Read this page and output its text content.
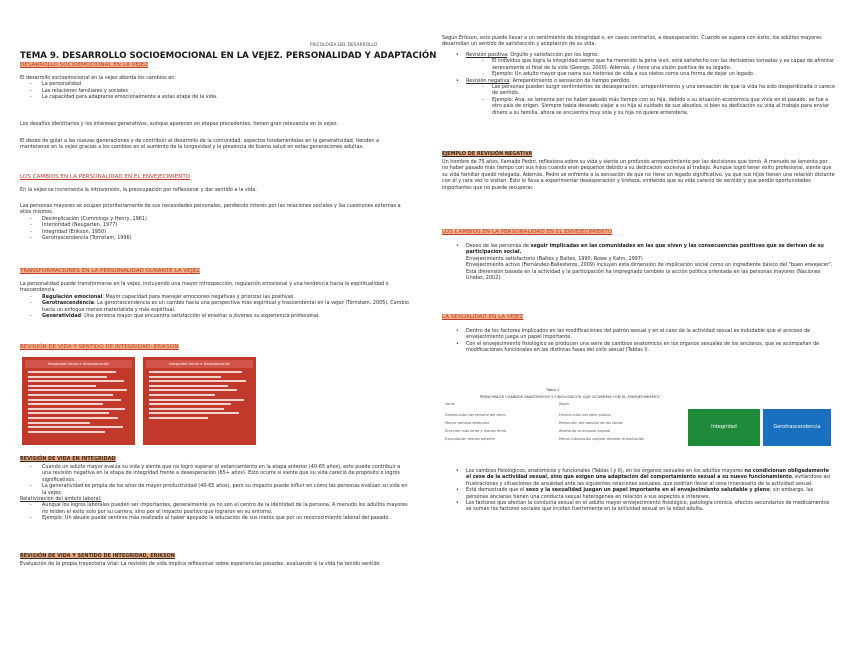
PSICOLOGÍA DEL DESARROLLO
TEMA 9. DESARROLLO SOCIOEMOCIONAL EN LA VEJEZ. PERSONALIDAD Y ADAPTACIÓN
DESARROLLO SOCIOEMOCIONAL EN LA VEJEZ
El desarrollo socioemocional en la vejez aborda los cambios en:
- La personalidad
- Las relaciones familiares y sociales
- La capacidad para adaptarse emocionalmente a estas etapa de la vida.
Los desafíos identitarios y los intereses generativos, aunque aparecen en etapas precedentes, tienen gran relevancia en la vejez.
El deseo de guiar a las nuevas generaciones y de contribuir al desarrollo de la comunidad, aspectos fundamentales en la generatividad, tienden a mantenerse en la vejez gracias a los cambios en el aumento de la longevidad y la presencia de buena salud en estas generaciones adultas.
LOS CAMBIOS EN LA PERSONALIDAD EN EL ENVEJECIMIENTO
En la vejez se incrementa la introversión, la preocupación por reflexionar y dar sentido a la vida.
Las personas mayores se ocupan prioritariamente de sus necesidades personales, perdiendo interés por las relaciones sociales y las cuestiones externas a ellos mismos.
- Desimplicación (Cummings y Henry, 1961)
- Interioridad (Neugarten, 1977)
- Integridad (Erikson, 1950)
- Gerotrascendencia (Tornstam, 1996)
TRANSFORMACIONES EN LA PERSONALIDAD DURANTE LA VEJEZ
La personalidad puede transformarse en la vejez, incluyendo una mayor introspección, regulación emocional y una tendencia hacia la espiritualidad o trascendencia.
- Regulación emocional: Mayor capacidad para manejar emociones negativas y priorizar las positivas.
- Gerotrascendencia: La gerotrascendencia es un cambio hacia una perspectiva más espiritual y trascendental en la vejez (Tornstam, 2005). Cambio hacia un enfoque menos materialista y más espiritual.
- Generatividad: Una persona mayor que encuentra satisfacción al enseñar a jóvenes su experiencia profesional.
REVISIÓN DE VIDA Y SENTIDO DE INTEGRIDAD: ERIKSON
Integridad frente a Desesperación	Integridad frente a Desesperación
REVISIÓN DE VIDA EN INTEGRIDAD
- Cuando un adulto mayor evalúa su vida y siente que no logró superar el estancamiento en la etapa anterior (40-65 años), esto puede contribuir a una revisión negativa en la etapa de integridad frente a desesperación (65+ años). Esto ocurre si siente que su vida careció de propósito o logros significativos.
- La generatividad es propia de los años de mayor productividad (40-65 años), pero su impacto puede influir en cómo las personas evalúan su vida en la vejez.
Relativización del ámbito laboral:
- Aunque los logros laborales pueden ser importantes, generalmente ya no son el centro de la identidad de la persona. A menudo los adultos mayores no miden el éxito solo por su carrera, sino por el impacto positivo que lograron en su entorno.
- Ejemplo: Un abuelo puede sentirse más realizado al haber apoyado la educación de sus nietos que por un reconocimiento laboral del pasado.
REVISIÓN DE VIDA Y SENTIDO DE INTEGRIDAD, ERIKSON
Evaluación de la propia trayectoria vital: La revisión de vida implica reflexionar sobre experiencias pasadas, evaluando si la vida ha tenido sentido.
Según Erikson, esto puede llevar a un sentimiento de integridad o, en casos contrarios, a desesperación. Cuando se supera con éxito, los adultos mayores desarrollan un sentido de satisfacción y aceptación de su vida.
• Revisión positiva: Orgullo y satisfacción por los logros.
- El individuo que logra la integridad siente que ha merecido la pena vivir, está satisfecho con las decisiones tomadas y es capaz de afrontar serenamente el final de la vida (George, 2000). Además, y tiene una visión positiva de su legado.
- Ejemplo: Un adulto mayor que narra sus historias de vida a sus nietos como una forma de dejar un legado.
• Revisión negativa: Arrepentimiento o sensación de tiempo perdido.
- Las personas pueden surgir sentimientos de desesperación, arrepentimiento y una sensación de que la vida ha sido desperdiciada o carece de sentido.
- Ejemplo: Ana, se lamenta por no haber pasado más tiempo con su hija, debido a su situación económica que vivía en el pasado, se fue a otro país de origen. Siempre había deseado viajar a su hija al cuidado de sus abuelos, si bien su dedicación su vida al trabajo para enviar dinero a su familia, ahora se encuentra muy sola y su hija no quiere entenderla.
EJEMPLO DE REVISIÓN NEGATIVA
Un hombre de 75 años, llamado Pedro, reflexiona sobre su vida y siente un profundo arrepentimiento por las decisiones que tomó. A menudo se lamenta por no haber pasado más tiempo con sus hijos cuando eran pequeños debido a su dedicación excesiva al trabajo. Aunque logró tener éxito profesional, siente que su vida familiar quedó relegada. Además, Pedro se enfrenta a la sensación de que no tiene un legado significativo, ya que sus hijos tienen una relación distante con él y rara vez lo visitan. Esto lo lleva a experimentar desesperación y tristeza, sintiendo que su vida careció de sentido y que perdió oportunidades importantes que no puede recuperar.
LOS CAMBIOS EN LA PERSONALIDAD EN EL ENVEJECIMIENTO
• Deseo de las personas de seguir implicadas en las comunidades en las que viven y las consecuencias positivas que se derivan de su participación social.
- Envejecimiento satisfactorio (Baltes y Baltes, 1990; Rowe y Kahn, 1997)
- Envejecimiento activo (Fernández-Ballesteros, 2009) incluyen esta dimensión de implicación social como un ingrediente básico del "buen envejecer".
- Esta dimensión basada en la actividad y la participación ha impregnado también la acción política orientada en las personas mayores (Naciones Unidas, 2002).
LA SEXUALIDAD EN LA VEJEZ
• Dentro de los factores implicados en las modificaciones del patrón sexual y en el caso de la actividad sexual es indudable que el proceso de envejecimiento juega un papel importante.
• Con el envejecimiento fisiológico se producen una serie de cambios anatómicos en los órganos sexuales de los ancianos, que se acompañan de modificaciones funcionales en las distintas fases del ciclo sexual (Tablas I).
Tabla 1
PRINCIPALES CAMBIOS ANATÓMICOS Y FISIOLÓGICOS QUE OCURREN CON EL ENVEJECIMIENTO
Varón	Mujer
Disminución del tamaño del pene	Disminución del vello púbico
Menor tamaño testicular	Reducción del tamaño de los labios
Erección más lenta y menos firme	Atrofia de la mucosa vaginal
Eyaculación menos potente	Menor lubricación vaginal durante la excitación
Integridad	Gerotrascendencia
• Los cambios fisiológicos, anatómicos y funcionales (Tablas I y II), en los órganos sexuales en los adultos mayores no condicionan obligadamente el cese de la actividad sexual, sino que exigen una adaptación del comportamiento sexual a su nuevo funcionamiento, evitándose así frustraciones y situaciones de ansiedad ante las siguientes relaciones sexuales, que podrían llevar al cese innecesario de la actividad sexual.
• Está demostrado que el sexo y la sexualidad juegan un papel importante en el envejecimiento saludable y pleno; sin embargo, las personas ancianas tienen una conducta sexual heterogénea en relación a sus aspectos e intereses.
• Los factores que afectan la conducta sexual en el adulto mayor envejecimiento fisiológico, patología crónica, efectos secundarios de medicamentos se suman los factores sociales que inciden fuertemente en la actividad sexual en la edad adulta.
